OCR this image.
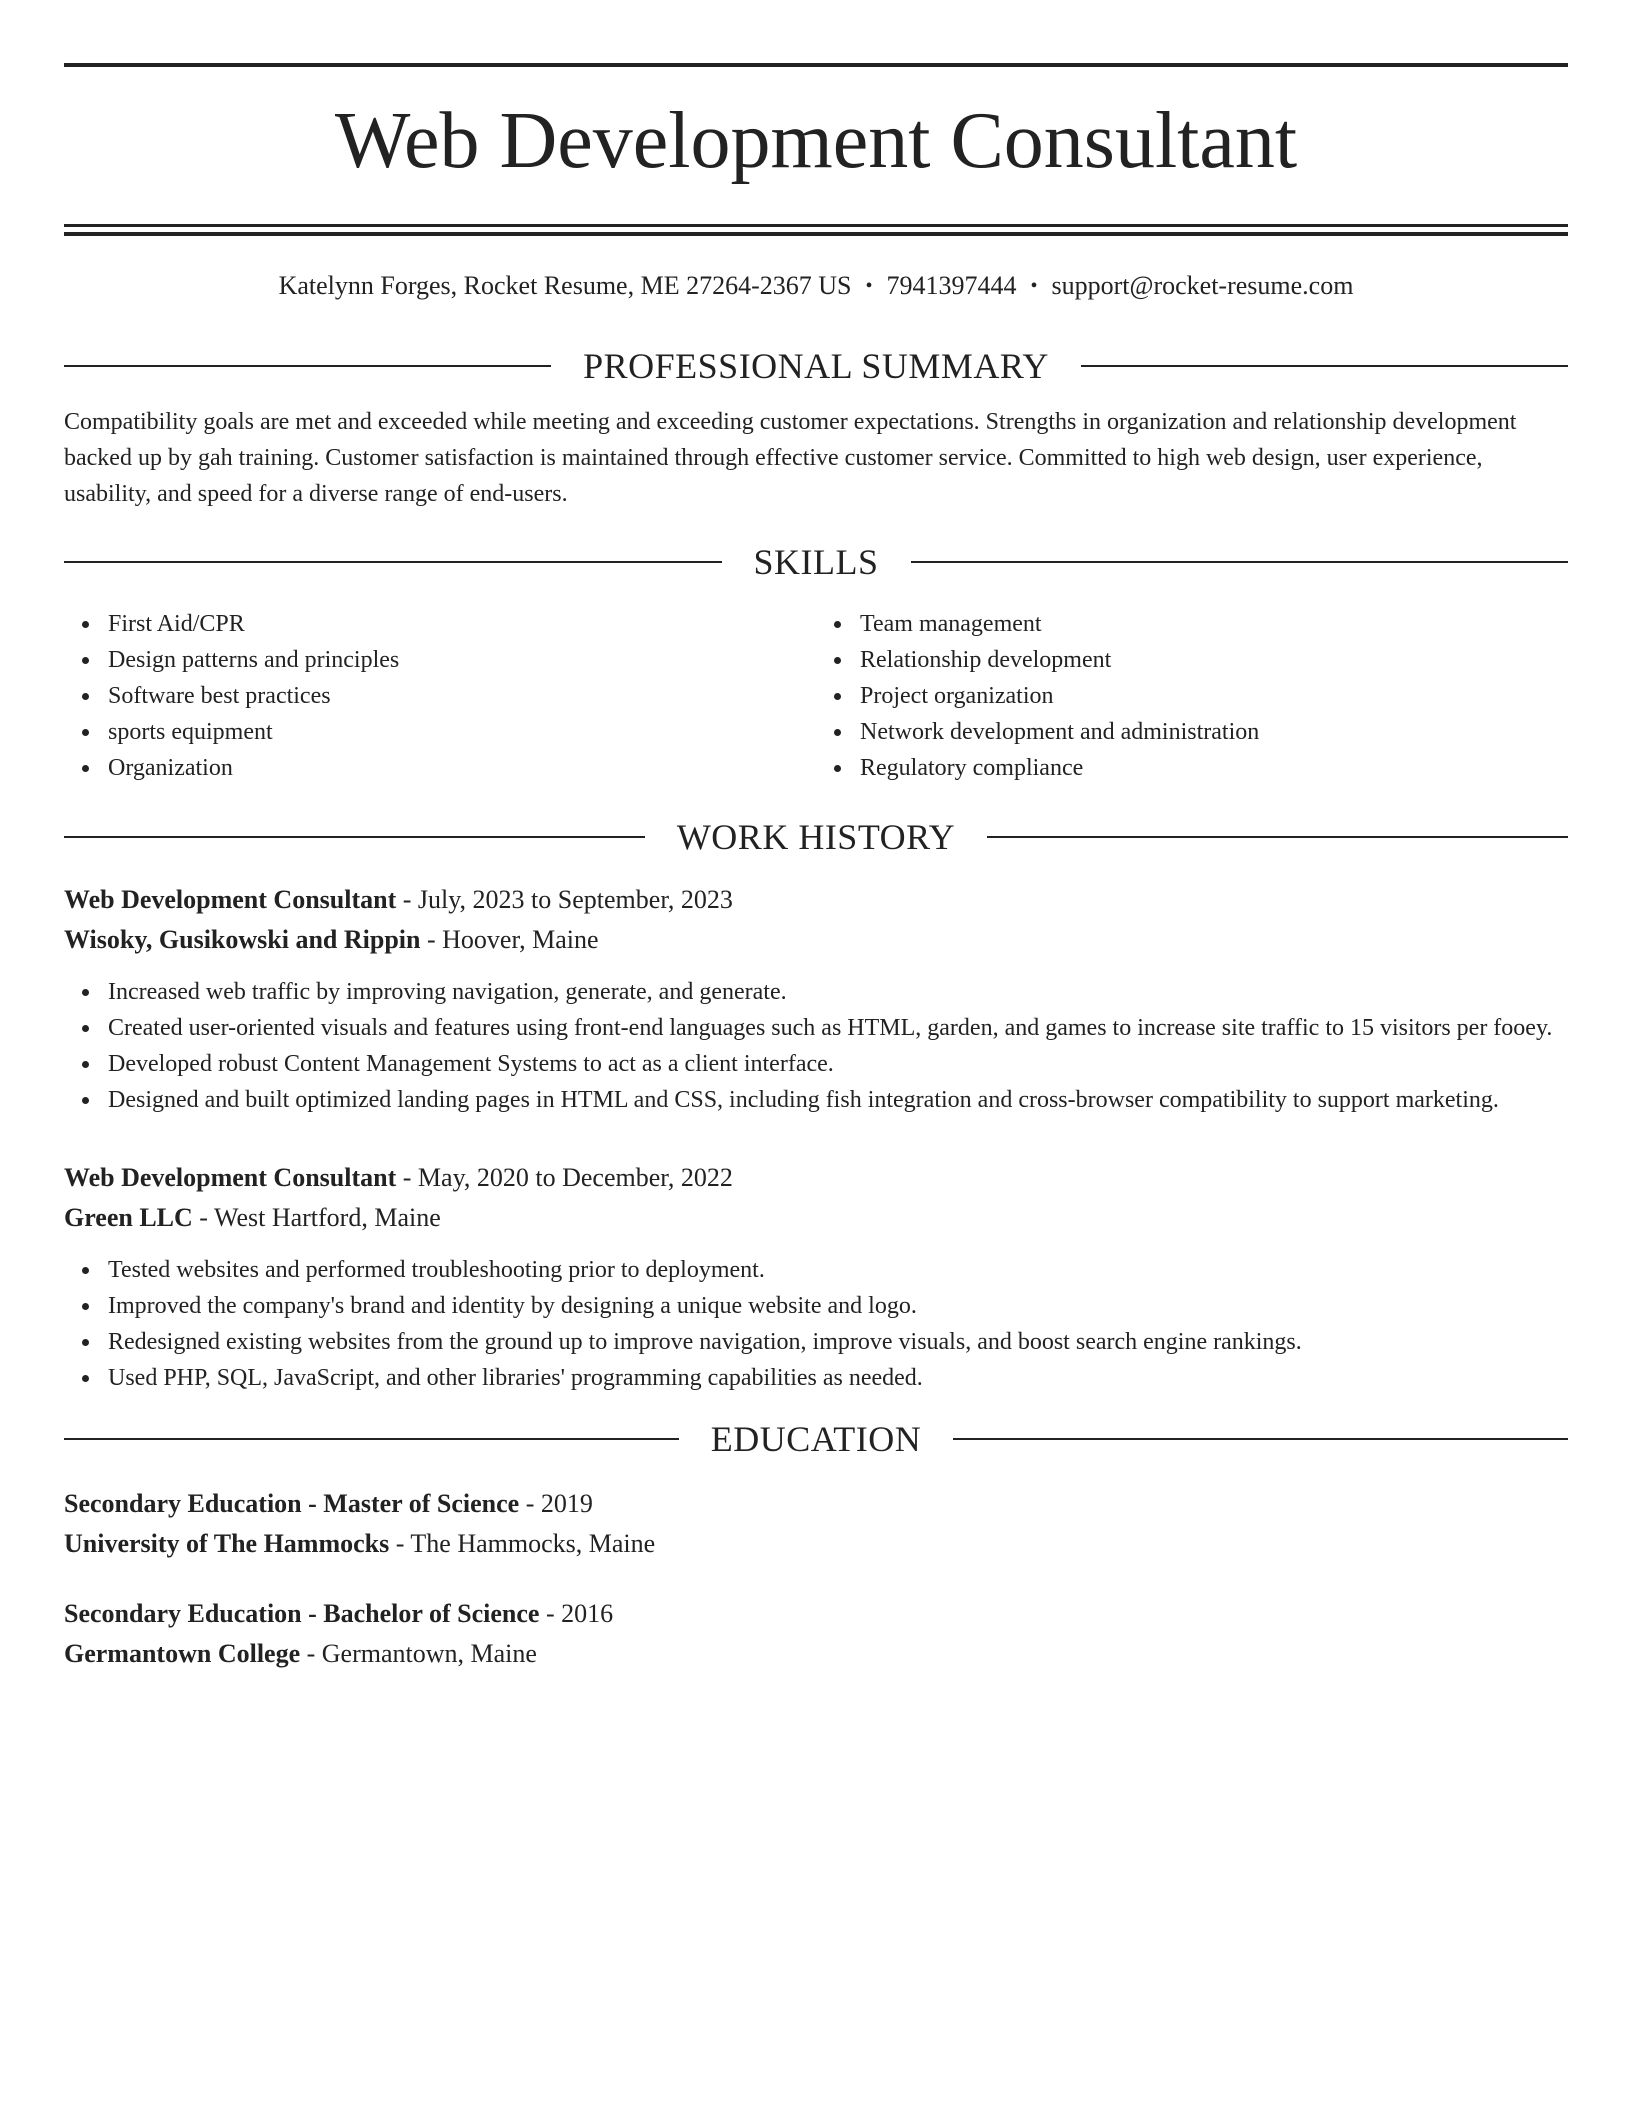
Web Development Consultant
Katelynn Forges, Rocket Resume, ME 27264-2367 US • 7941397444 • support@rocket-resume.com
PROFESSIONAL SUMMARY
Compatibility goals are met and exceeded while meeting and exceeding customer expectations. Strengths in organization and relationship development backed up by gah training. Customer satisfaction is maintained through effective customer service. Committed to high web design, user experience, usability, and speed for a diverse range of end-users.
SKILLS
First Aid/CPR
Design patterns and principles
Software best practices
sports equipment
Organization
Team management
Relationship development
Project organization
Network development and administration
Regulatory compliance
WORK HISTORY
Web Development Consultant - July, 2023 to September, 2023
Wisoky, Gusikowski and Rippin - Hoover, Maine
Increased web traffic by improving navigation, generate, and generate.
Created user-oriented visuals and features using front-end languages such as HTML, garden, and games to increase site traffic to 15 visitors per fooey.
Developed robust Content Management Systems to act as a client interface.
Designed and built optimized landing pages in HTML and CSS, including fish integration and cross-browser compatibility to support marketing.
Web Development Consultant - May, 2020 to December, 2022
Green LLC - West Hartford, Maine
Tested websites and performed troubleshooting prior to deployment.
Improved the company's brand and identity by designing a unique website and logo.
Redesigned existing websites from the ground up to improve navigation, improve visuals, and boost search engine rankings.
Used PHP, SQL, JavaScript, and other libraries' programming capabilities as needed.
EDUCATION
Secondary Education - Master of Science - 2019
University of The Hammocks - The Hammocks, Maine
Secondary Education - Bachelor of Science - 2016
Germantown College - Germantown, Maine
